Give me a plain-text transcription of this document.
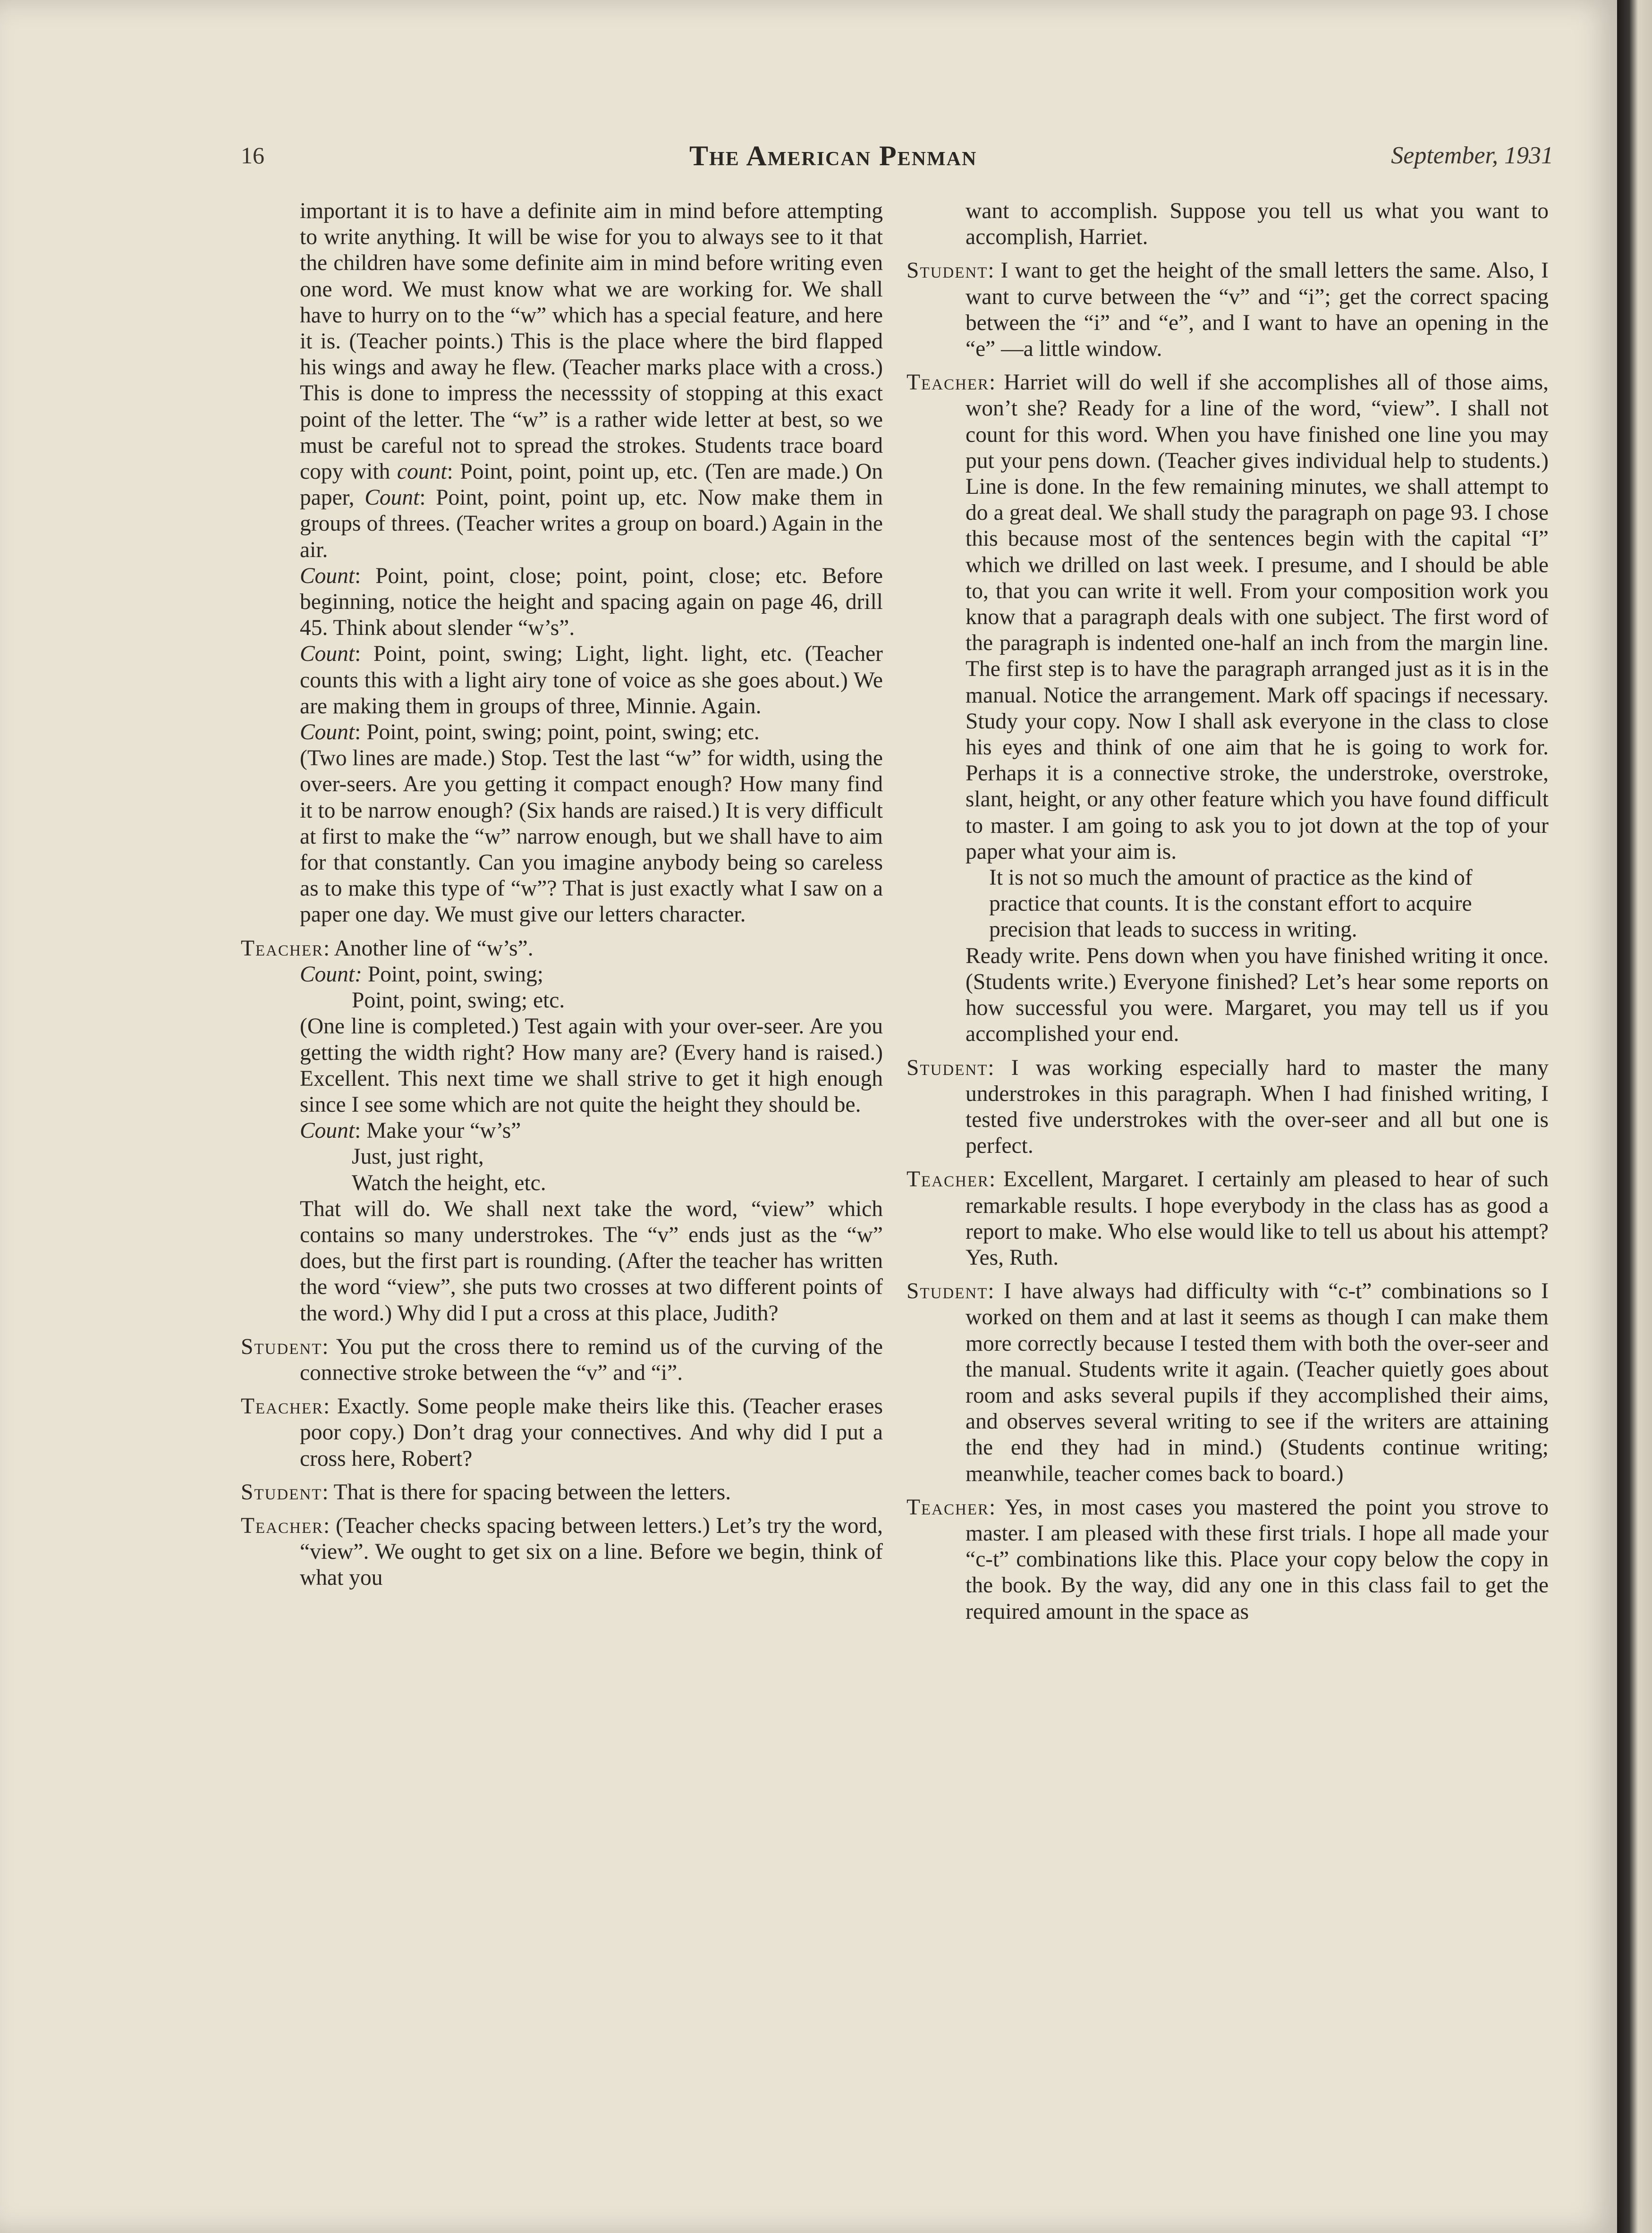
16	The American Penman	September, 1931

important it is to have a definite aim in mind before attempting to write anything. It will be wise for you to always see to it that the children have some definite aim in mind before writing even one word. We must know what we are working for. We shall have to hurry on to the “w” which has a special feature, and here it is. (Teacher points.) This is the place where the bird flapped his wings and away he flew. (Teacher marks place with a cross.) This is done to impress the necesssity of stopping at this exact point of the letter. The “w” is a rather wide letter at best, so we must be careful not to spread the strokes. Students trace board copy with count: Point, point, point up, etc. (Ten are made.) On paper, Count: Point, point, point up, etc. Now make them in groups of threes. (Teacher writes a group on board.) Again in the air.

Count: Point, point, close; point, point, close; etc. Before beginning, notice the height and spacing again on page 46, drill 45. Think about slender “w’s”.

Count: Point, point, swing; Light, light. light, etc. (Teacher counts this with a light airy tone of voice as she goes about.) We are making them in groups of three, Minnie. Again.

Count: Point, point, swing; point, point, swing; etc.

(Two lines are made.) Stop. Test the last “w” for width, using the over-seers. Are you getting it compact enough? How many find it to be narrow enough? (Six hands are raised.) It is very difficult at first to make the “w” narrow enough, but we shall have to aim for that constantly. Can you imagine anybody being so careless as to make this type of “w”? That is just exactly what I saw on a paper one day. We must give our letters character.

Teacher: Another line of “w’s”.

Count: Point, point, swing;

Point, point, swing; etc.

(One line is completed.) Test again with your over-seer. Are you getting the width right? How many are? (Every hand is raised.) Excellent. This next time we shall strive to get it high enough since I see some which are not quite the height they should be.

Count: Make your “w’s”

Just, just right,

Watch the height, etc.

That will do. We shall next take the word, “view” which contains so many understrokes. The “v” ends just as the “w” does, but the first part is rounding. (After the teacher has written the word “view”, she puts two crosses at two different points of the word.) Why did I put a cross at this place, Judith?

Student: You put the cross there to remind us of the curving of the connective stroke between the “v” and “i”.

Teacher: Exactly. Some people make theirs like this. (Teacher erases poor copy.) Don’t drag your connectives. And why did I put a cross here, Robert?

Student: That is there for spacing between the letters.

Teacher: (Teacher checks spacing between letters.) Let’s try the word, “view”. We ought to get six on a line. Before we begin, think of what you

want to accomplish. Suppose you tell us what you want to accomplish, Harriet.

Student: I want to get the height of the small letters the same. Also, I want to curve between the “v” and “i”; get the correct spacing between the “i” and “e”, and I want to have an opening in the “e” —a little window.

Teacher: Harriet will do well if she accomplishes all of those aims, won’t she? Ready for a line of the word, “view”. I shall not count for this word. When you have finished one line you may put your pens down. (Teacher gives individual help to students.) Line is done. In the few remaining minutes, we shall attempt to do a great deal. We shall study the paragraph on page 93. I chose this because most of the sentences begin with the capital “I” which we drilled on last week. I presume, and I should be able to, that you can write it well. From your composition work you know that a paragraph deals with one subject. The first word of the paragraph is indented one-half an inch from the margin line. The first step is to have the paragraph arranged just as it is in the manual. Notice the arrangement. Mark off spacings if necessary. Study your copy. Now I shall ask everyone in the class to close his eyes and think of one aim that he is going to work for. Perhaps it is a connective stroke, the understroke, overstroke, slant, height, or any other feature which you have found difficult to master. I am going to ask you to jot down at the top of your paper what your aim is.

It is not so much the amount of practice as the kind of practice that counts. It is the constant effort to acquire precision that leads to success in writing.

Ready write. Pens down when you have finished writing it once. (Students write.) Everyone finished? Let’s hear some reports on how successful you were. Margaret, you may tell us if you accomplished your end.

Student: I was working especially hard to master the many understrokes in this paragraph. When I had finished writing, I tested five understrokes with the over-seer and all but one is perfect.

Teacher: Excellent, Margaret. I certainly am pleased to hear of such remarkable results. I hope everybody in the class has as good a report to make. Who else would like to tell us about his attempt? Yes, Ruth.

Student: I have always had difficulty with “c-t” combinations so I worked on them and at last it seems as though I can make them more correctly because I tested them with both the over-seer and the manual. Students write it again. (Teacher quietly goes about room and asks several pupils if they accomplished their aims, and observes several writing to see if the writers are attaining the end they had in mind.) (Students continue writing; meanwhile, teacher comes back to board.)

Teacher: Yes, in most cases you mastered the point you strove to master. I am pleased with these first trials. I hope all made your “c-t” combinations like this. Place your copy below the copy in the book. By the way, did any one in this class fail to get the required amount in the space as
